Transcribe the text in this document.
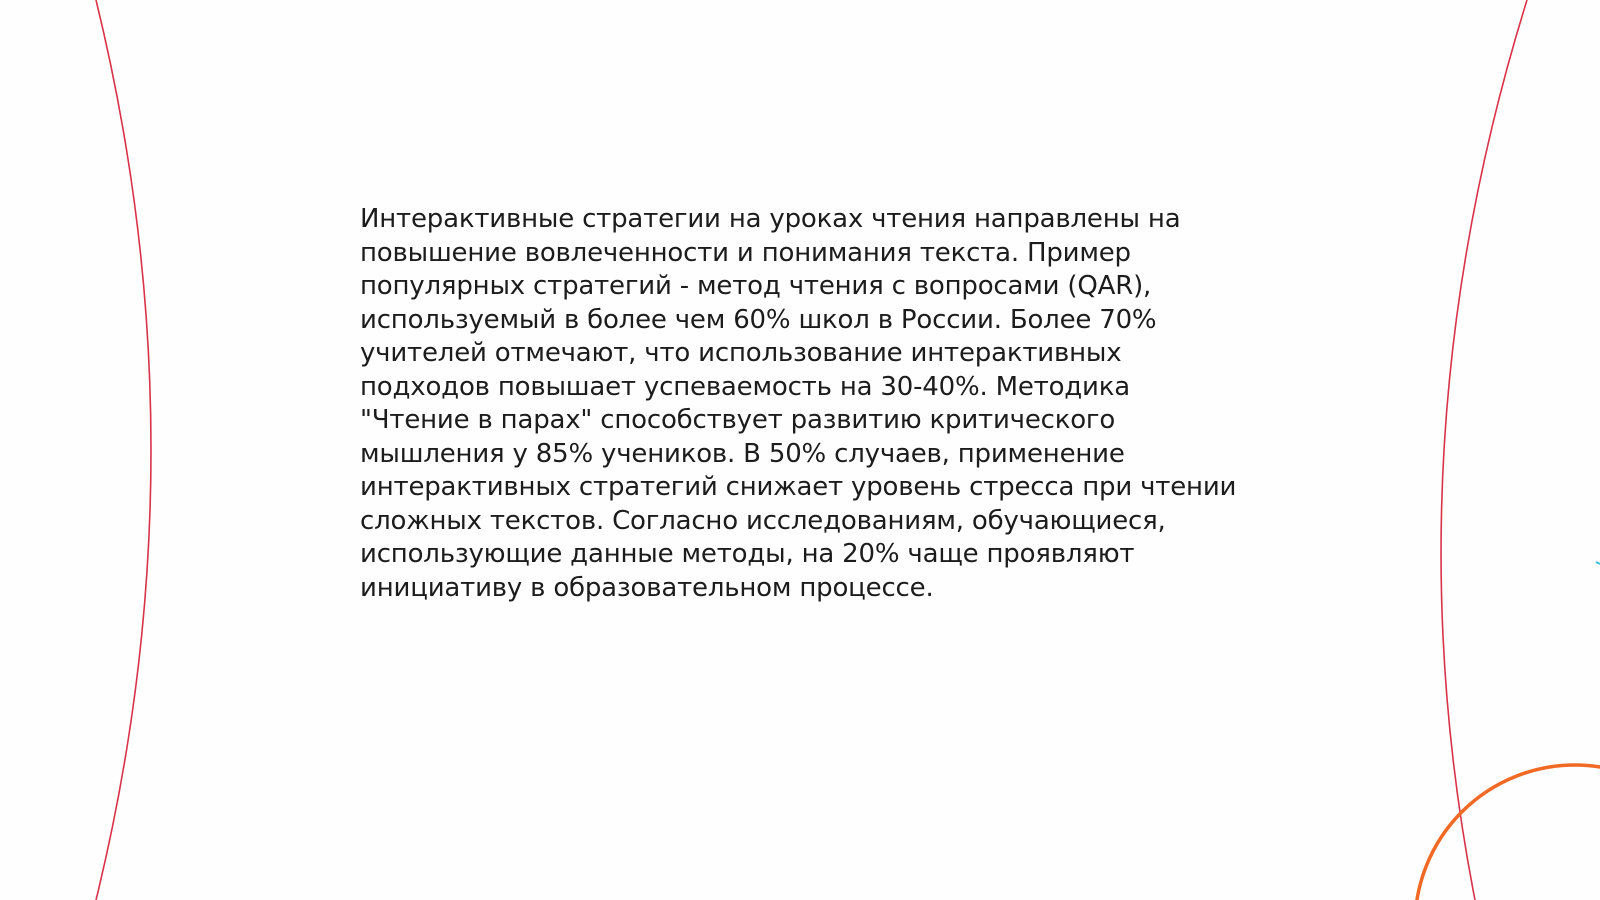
Интерактивные стратегии на уроках чтения направлены на
повышение вовлеченности и понимания текста. Пример
популярных стратегий - метод чтения с вопросами (QAR),
используемый в более чем 60% школ в России. Более 70%
учителей отмечают, что использование интерактивных
подходов повышает успеваемость на 30-40%. Методика
"Чтение в парах" способствует развитию критического
мышления у 85% учеников. В 50% случаев, применение
интерактивных стратегий снижает уровень стресса при чтении
сложных текстов. Согласно исследованиям, обучающиеся,
использующие данные методы, на 20% чаще проявляют
инициативу в образовательном процессе.
